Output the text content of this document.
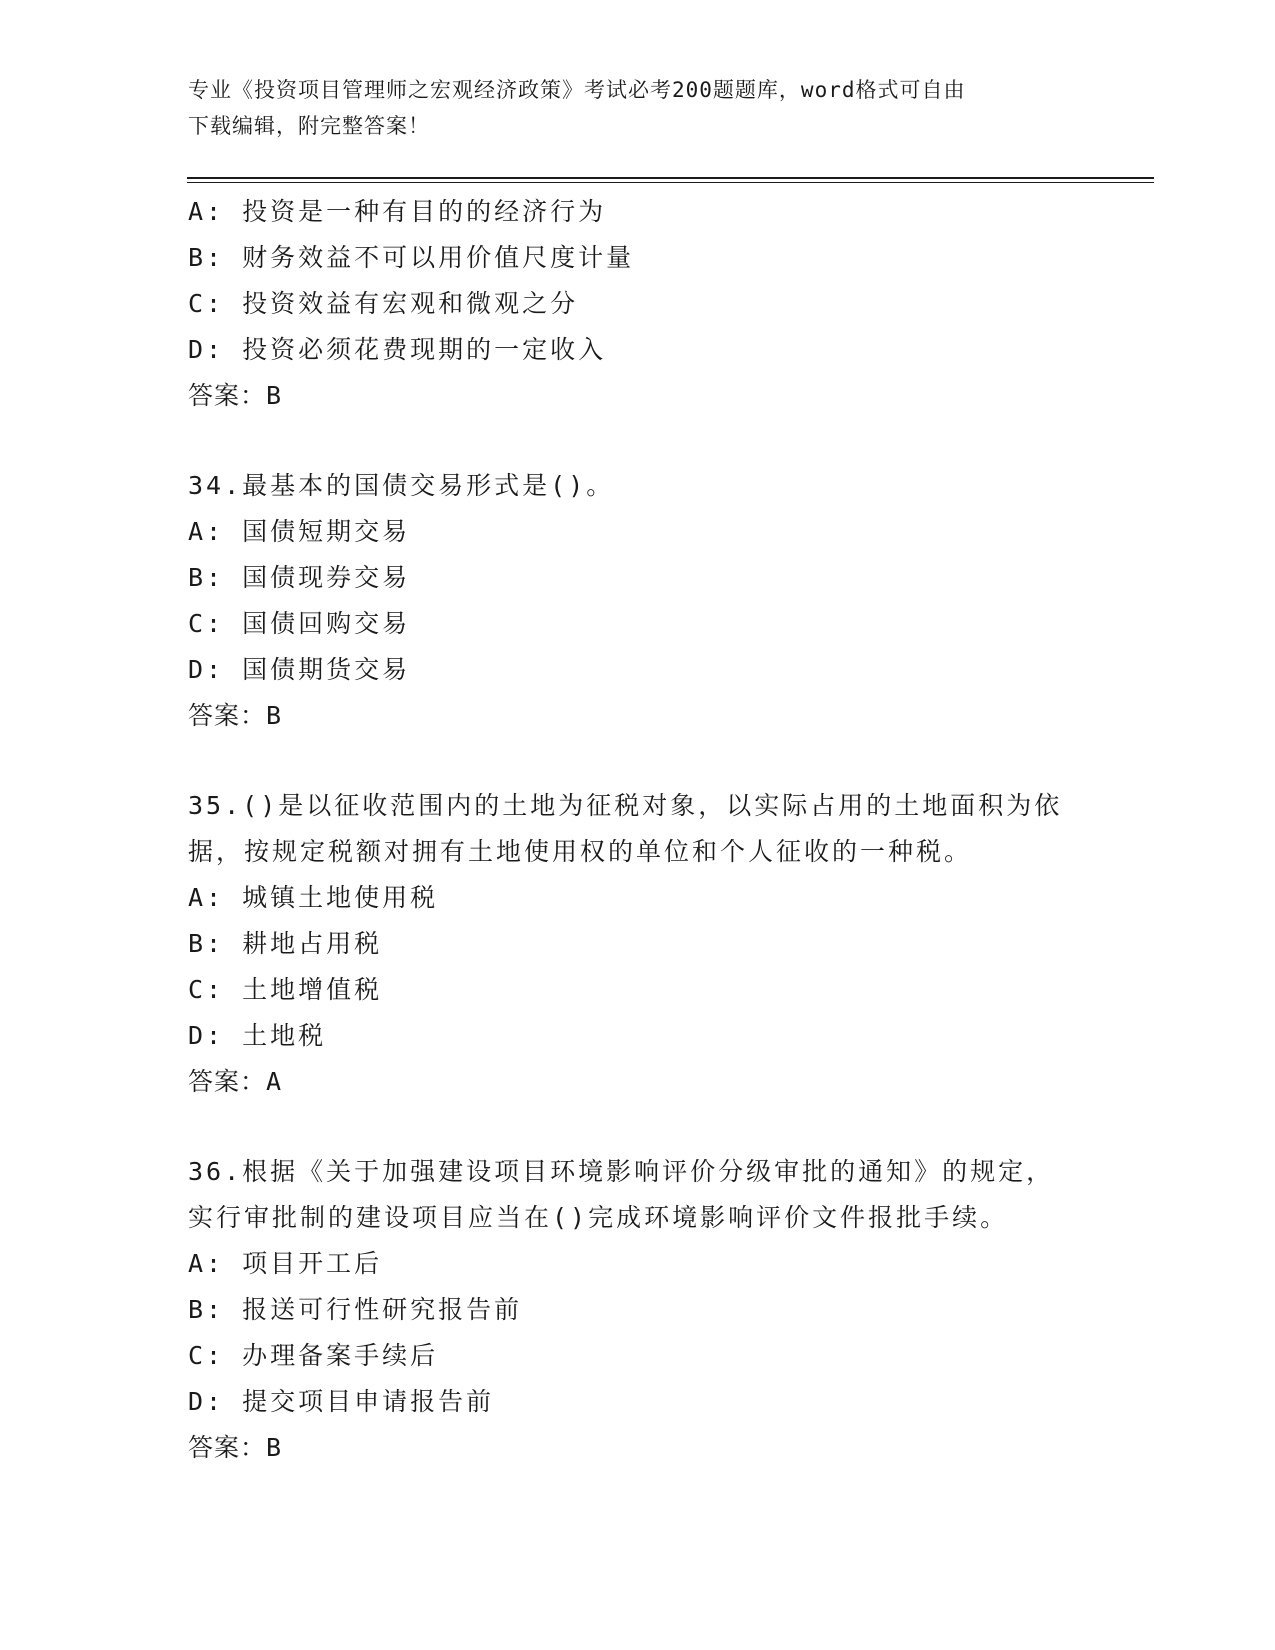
专业《投资项目管理师之宏观经济政策》考试必考200题题库，word格式可自由
下载编辑，附完整答案！
A: 投资是一种有目的的经济行为
B: 财务效益不可以用价值尺度计量
C: 投资效益有宏观和微观之分
D: 投资必须花费现期的一定收入
答案：B
34.最基本的国债交易形式是()。
A: 国债短期交易
B: 国债现券交易
C: 国债回购交易
D: 国债期货交易
答案：B
35.()是以征收范围内的土地为征税对象，以实际占用的土地面积为依
据，按规定税额对拥有土地使用权的单位和个人征收的一种税。
A: 城镇土地使用税
B: 耕地占用税
C: 土地增值税
D: 土地税
答案：A
36.根据《关于加强建设项目环境影响评价分级审批的通知》的规定，
实行审批制的建设项目应当在()完成环境影响评价文件报批手续。
A: 项目开工后
B: 报送可行性研究报告前
C: 办理备案手续后
D: 提交项目申请报告前
答案：B
